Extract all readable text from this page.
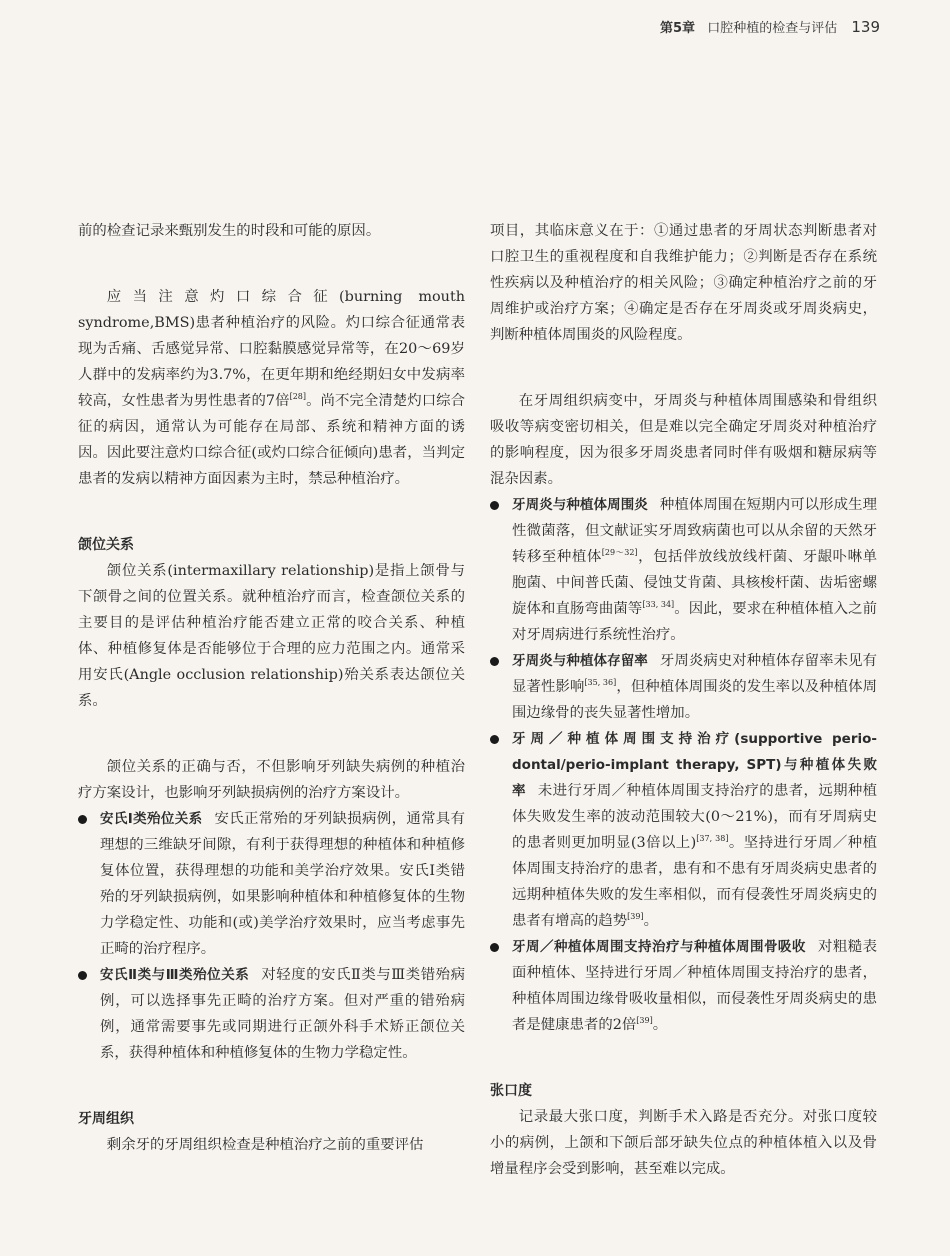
第5章 口腔种植的检查与评估 139

前的检查记录来甄别发生的时段和可能的原因。

应当注意灼口综合征(burning mouth syndrome,BMS)患者种植治疗的风险。灼口综合征通常表现为舌痛、舌感觉异常、口腔黏膜感觉异常等，在20～69岁人群中的发病率约为3.7%，在更年期和绝经期妇女中发病率较高，女性患者为男性患者的7倍[28]。尚不完全清楚灼口综合征的病因，通常认为可能存在局部、系统和精神方面的诱因。因此要注意灼口综合征(或灼口综合征倾向)患者，当判定患者的发病以精神方面因素为主时，禁忌种植治疗。

颌位关系

颌位关系(intermaxillary relationship)是指上颌骨与下颌骨之间的位置关系。就种植治疗而言，检查颌位关系的主要目的是评估种植治疗能否建立正常的咬合关系、种植体、种植修复体是否能够位于合理的应力范围之内。通常采用安氏(Angle occlusion relationship)殆关系表达颌位关系。

颌位关系的正确与否，不但影响牙列缺失病例的种植治疗方案设计，也影响牙列缺损病例的治疗方案设计。

安氏Ⅰ类殆位关系 安氏正常殆的牙列缺损病例，通常具有理想的三维缺牙间隙，有利于获得理想的种植体和种植修复体位置，获得理想的功能和美学治疗效果。安氏Ⅰ类错殆的牙列缺损病例，如果影响种植体和种植修复体的生物力学稳定性、功能和(或)美学治疗效果时，应当考虑事先正畸的治疗程序。
安氏Ⅱ类与Ⅲ类殆位关系 对轻度的安氏Ⅱ类与Ⅲ类错殆病例，可以选择事先正畸的治疗方案。但对严重的错殆病例，通常需要事先或同期进行正颌外科手术矫正颌位关系，获得种植体和种植修复体的生物力学稳定性。
牙周组织

剩余牙的牙周组织检查是种植治疗之前的重要评估

项目，其临床意义在于：①通过患者的牙周状态判断患者对口腔卫生的重视程度和自我维护能力；②判断是否存在系统性疾病以及种植治疗的相关风险；③确定种植治疗之前的牙周维护或治疗方案；④确定是否存在牙周炎或牙周炎病史，判断种植体周围炎的风险程度。

在牙周组织病变中，牙周炎与种植体周围感染和骨组织吸收等病变密切相关，但是难以完全确定牙周炎对种植治疗的影响程度，因为很多牙周炎患者同时伴有吸烟和糖尿病等混杂因素。

牙周炎与种植体周围炎 种植体周围在短期内可以形成生理性微菌落，但文献证实牙周致病菌也可以从余留的天然牙转移至种植体[29～32]，包括伴放线放线杆菌、牙龈卟啉单胞菌、中间普氏菌、侵蚀艾肯菌、具核梭杆菌、齿垢密螺旋体和直肠弯曲菌等[33, 34]。因此，要求在种植体植入之前对牙周病进行系统性治疗。
牙周炎与种植体存留率 牙周炎病史对种植体存留率未见有显著性影响[35, 36]，但种植体周围炎的发生率以及种植体周围边缘骨的丧失显著性增加。
牙周／种植体周围支持治疗(supportive perio-dontal/perio-implant therapy, SPT)与种植体失败率 未进行牙周／种植体周围支持治疗的患者，远期种植体失败发生率的波动范围较大(0～21%)，而有牙周病史的患者则更加明显(3倍以上)[37, 38]。坚持进行牙周／种植体周围支持治疗的患者，患有和不患有牙周炎病史患者的远期种植体失败的发生率相似，而有侵袭性牙周炎病史的患者有增高的趋势[39]。
牙周／种植体周围支持治疗与种植体周围骨吸收 对粗糙表面种植体、坚持进行牙周／种植体周围支持治疗的患者，种植体周围边缘骨吸收量相似，而侵袭性牙周炎病史的患者是健康患者的2倍[39]。
张口度

记录最大张口度，判断手术入路是否充分。对张口度较小的病例，上颌和下颌后部牙缺失位点的种植体植入以及骨增量程序会受到影响，甚至难以完成。
